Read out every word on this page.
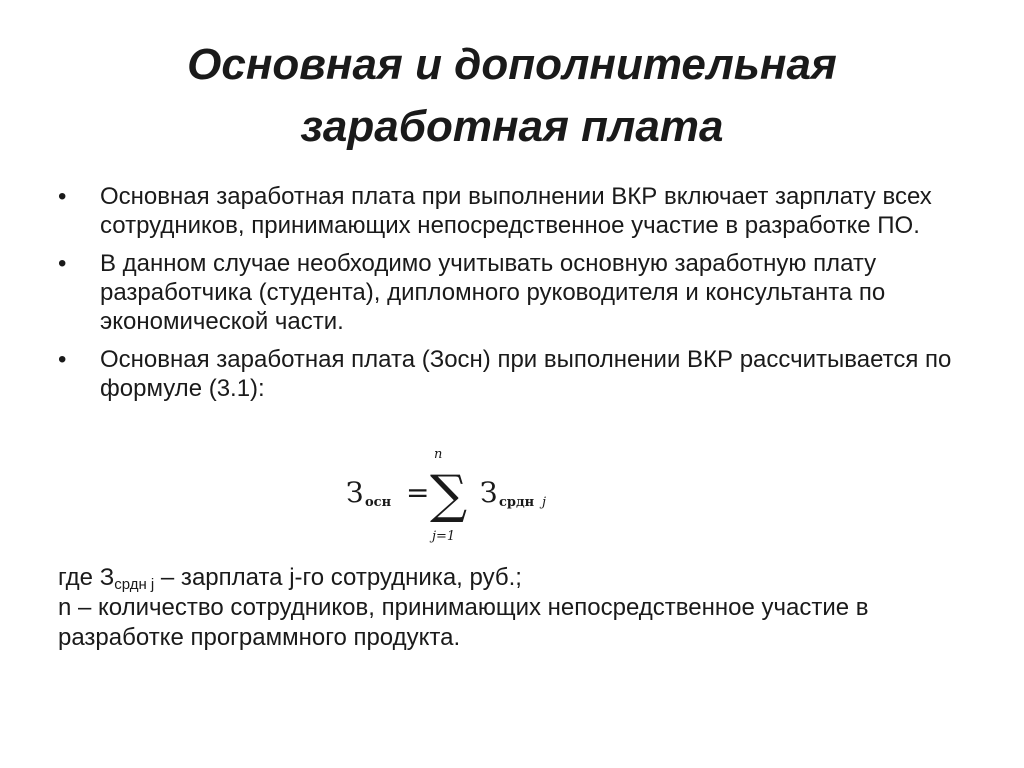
Основная и дополнительная
заработная плата
•	Основная заработная плата при выполнении ВКР включает зарплату всех сотрудников, принимающих непосредственное участие в разработке ПО.
•	В данном случае необходимо учитывать основную заработную плату разработчика (студента), дипломного руководителя и консультанта по экономической части.
•	Основная заработная плата (Зосн) при выполнении ВКР рассчитывается по формуле (3.1):
З осн =
n
∑
j=1
З срдн j

где $З_{срдн j}$ – зарплата j-го сотрудника, руб.;

n – количество сотрудников, принимающих непосредственное участие в разработке программного продукта.
